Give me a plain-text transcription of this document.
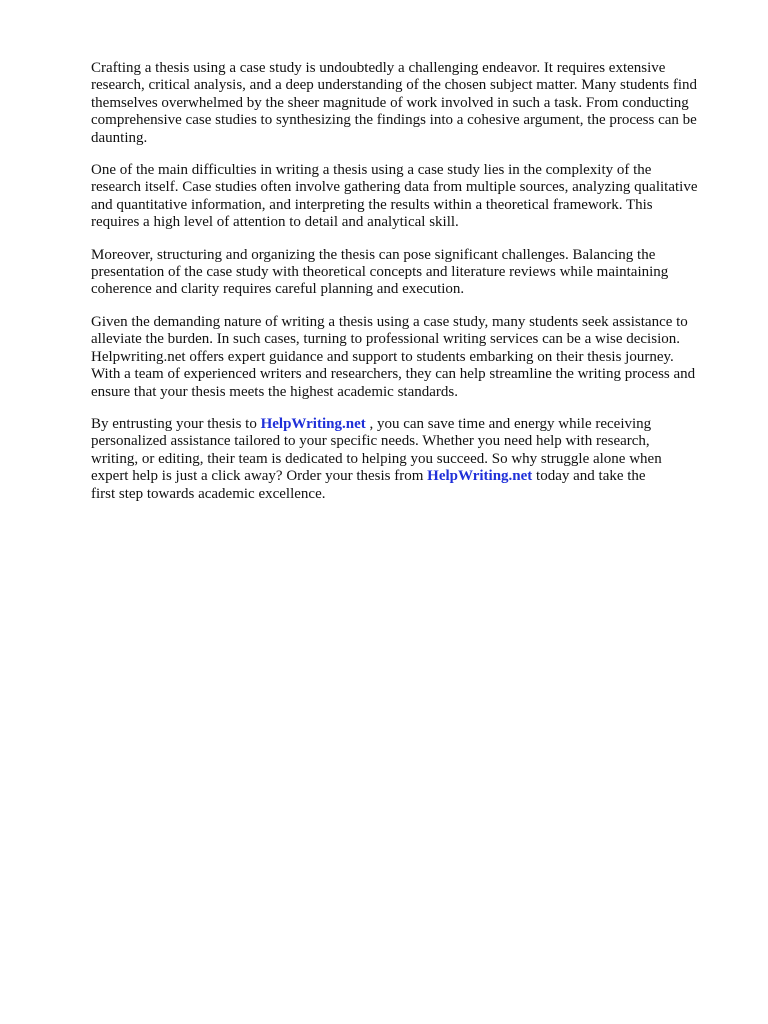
Crafting a thesis using a case study is undoubtedly a challenging endeavor. It requires extensive
research, critical analysis, and a deep understanding of the chosen subject matter. Many students find
themselves overwhelmed by the sheer magnitude of work involved in such a task. From conducting
comprehensive case studies to synthesizing the findings into a cohesive argument, the process can be
daunting.

One of the main difficulties in writing a thesis using a case study lies in the complexity of the
research itself. Case studies often involve gathering data from multiple sources, analyzing qualitative
and quantitative information, and interpreting the results within a theoretical framework. This
requires a high level of attention to detail and analytical skill.

Moreover, structuring and organizing the thesis can pose significant challenges. Balancing the
presentation of the case study with theoretical concepts and literature reviews while maintaining
coherence and clarity requires careful planning and execution.

Given the demanding nature of writing a thesis using a case study, many students seek assistance to
alleviate the burden. In such cases, turning to professional writing services can be a wise decision.
Helpwriting.net offers expert guidance and support to students embarking on their thesis journey.
With a team of experienced writers and researchers, they can help streamline the writing process and
ensure that your thesis meets the highest academic standards.

By entrusting your thesis to HelpWriting.net , you can save time and energy while receiving
personalized assistance tailored to your specific needs. Whether you need help with research,
writing, or editing, their team is dedicated to helping you succeed. So why struggle alone when
expert help is just a click away? Order your thesis from HelpWriting.net today and take the
first step towards academic excellence.
